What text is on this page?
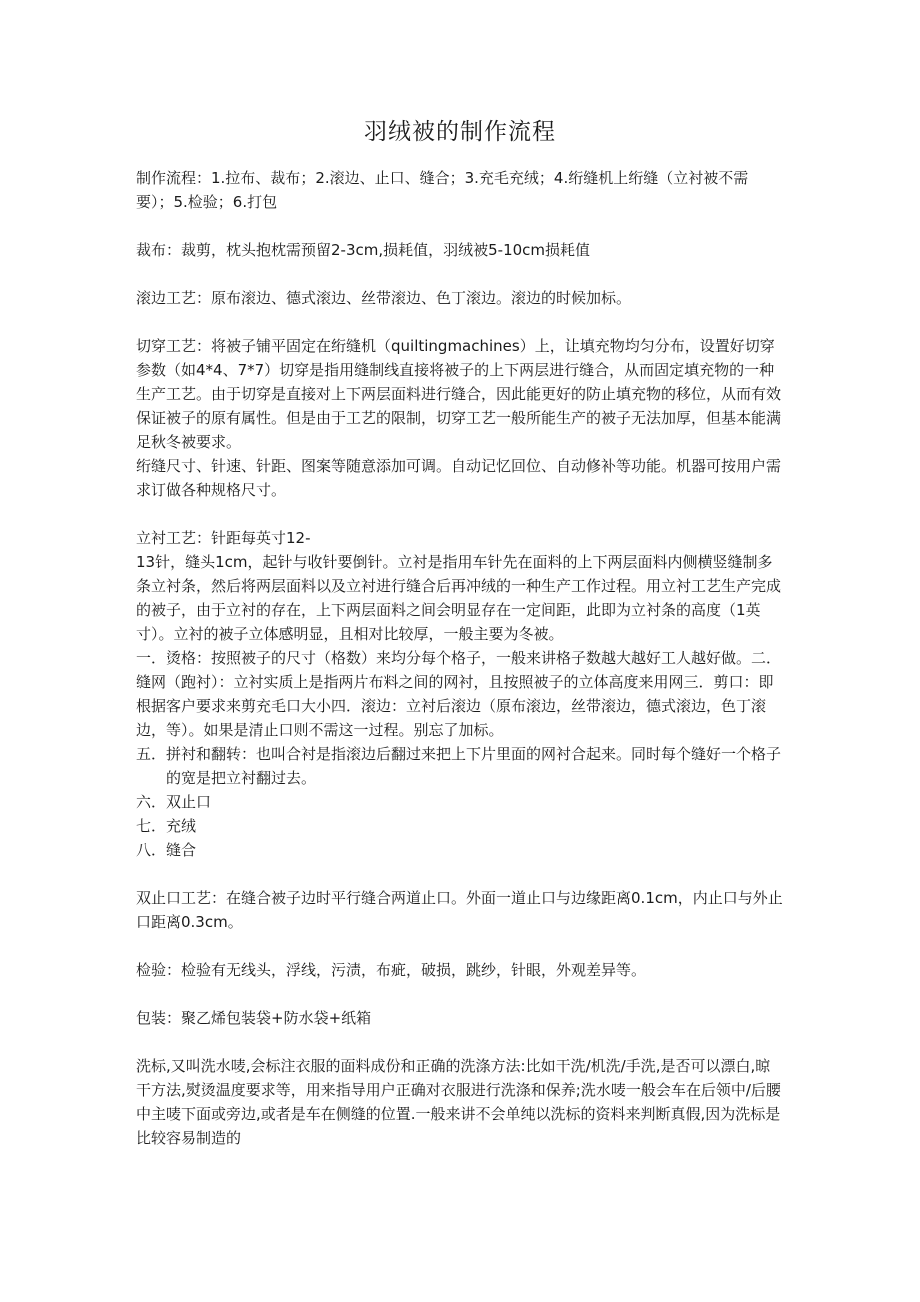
羽绒被的制作流程

制作流程：1.拉布、裁布；2.滚边、止口、缝合；3.充毛充绒；4.绗缝机上绗缝（立衬被不需要）；5.检验；6.打包

裁布：裁剪，枕头抱枕需预留2-3cm,损耗值，羽绒被5-10cm损耗值

滚边工艺：原布滚边、德式滚边、丝带滚边、色丁滚边。滚边的时候加标。

切穿工艺：将被子铺平固定在绗缝机（quiltingmachines）上，让填充物均匀分布，设置好切穿参数（如4*4、7*7）切穿是指用缝制线直接将被子的上下两层进行缝合，从而固定填充物的一种生产工艺。由于切穿是直接对上下两层面料进行缝合，因此能更好的防止填充物的移位，从而有效保证被子的原有属性。但是由于工艺的限制，切穿工艺一般所能生产的被子无法加厚，但基本能满足秋冬被要求。

绗缝尺寸、针速、针距、图案等随意添加可调。自动记忆回位、自动修补等功能。机器可按用户需求订做各种规格尺寸。

立衬工艺：针距每英寸12-

13针，缝头1cm，起针与收针要倒针。立衬是指用车针先在面料的上下两层面料内侧横竖缝制多条立衬条，然后将两层面料以及立衬进行缝合后再冲绒的一种生产工作过程。用立衬工艺生产完成的被子，由于立衬的存在，上下两层面料之间会明显存在一定间距，此即为立衬条的高度（1英寸）。立衬的被子立体感明显，且相对比较厚，一般主要为冬被。

一．烫格：按照被子的尺寸（格数）来均分每个格子，一般来讲格子数越大越好工人越好做。二．缝网（跑衬）：立衬实质上是指两片布料之间的网衬，且按照被子的立体高度来用网三．剪口：即根据客户要求来剪充毛口大小四．滚边：立衬后滚边（原布滚边，丝带滚边，德式滚边，色丁滚边，等）。如果是清止口则不需这一过程。别忘了加标。

五．拼衬和翻转：也叫合衬是指滚边后翻过来把上下片里面的网衬合起来。同时每个缝好一个格子的宽是把立衬翻过去。

六．双止口

七．充绒

八．缝合

双止口工艺：在缝合被子边时平行缝合两道止口。外面一道止口与边缘距离0.1cm，内止口与外止口距离0.3cm。

检验：检验有无线头，浮线，污渍，布疵，破损，跳纱，针眼，外观差异等。

包装：聚乙烯包装袋+防水袋+纸箱

洗标,又叫洗水唛,会标注衣服的面料成份和正确的洗涤方法:比如干洗/机洗/手洗,是否可以漂白,晾干方法,熨烫温度要求等，用来指导用户正确对衣服进行洗涤和保养;洗水唛一般会车在后领中/后腰中主唛下面或旁边,或者是车在侧缝的位置.一般来讲不会单纯以洗标的资料来判断真假,因为洗标是比较容易制造的
